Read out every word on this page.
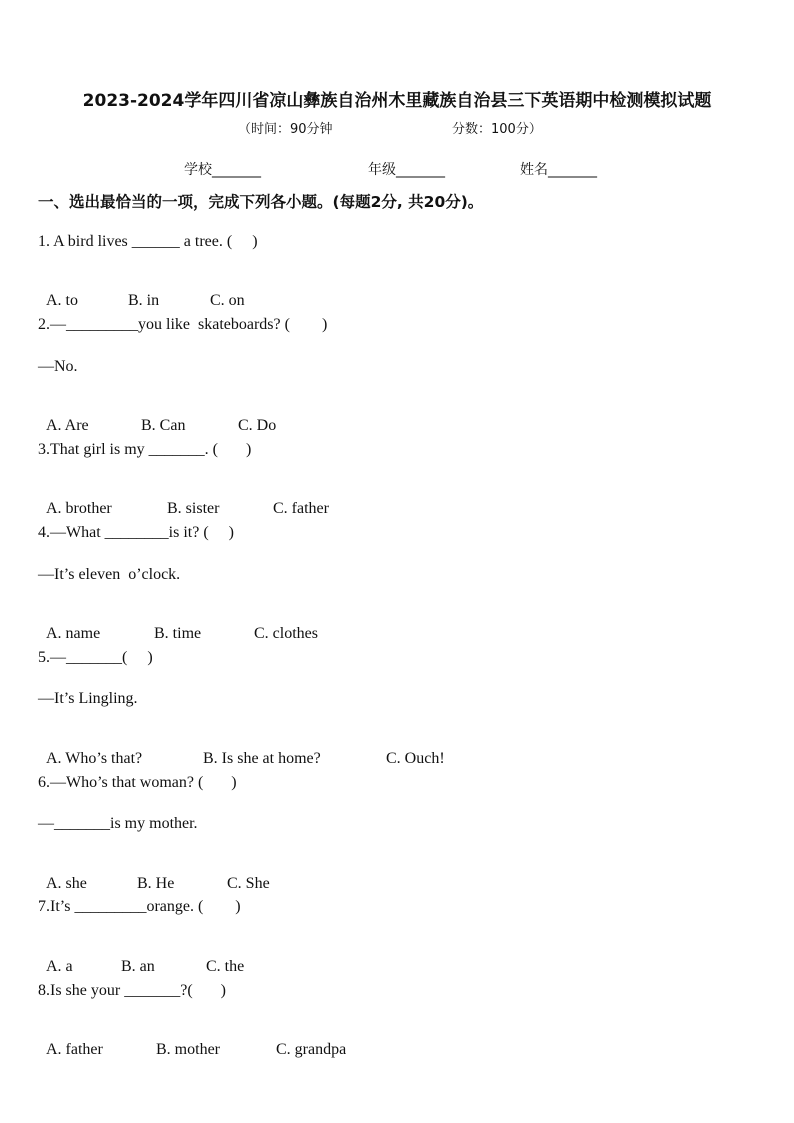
2023-2024学年四川省凉山彝族自治州木里藏族自治县三下英语期中检测模拟试题
（时间：90分钟	分数：100分）
学校_______	年级_______	姓名_______
一、选出最恰当的一项，完成下列各小题。(每题2分, 共20分)。
1. A bird lives ______ a tree. (     )

A. to	B. in	C. on

2.—_________you like  skateboards? (        )
—No.

A. Are	B. Can	C. Do

3.That girl is my _______. (       )

A. brother	B. sister	C. father

4.—What ________is it? (     )
—It’s eleven  o’clock.

A. name	B. time	C. clothes

5.—_______(     )
—It’s Lingling.

A. Who’s that?	B. Is she at home?	C. Ouch!

6.—Who’s that woman? (       )
—_______is my mother.

A. she	B. He	C. She

7.It’s _________orange. (        )

A. a	B. an	C. the

8.Is she your _______?(       )

A. father	B. mother	C. grandpa
